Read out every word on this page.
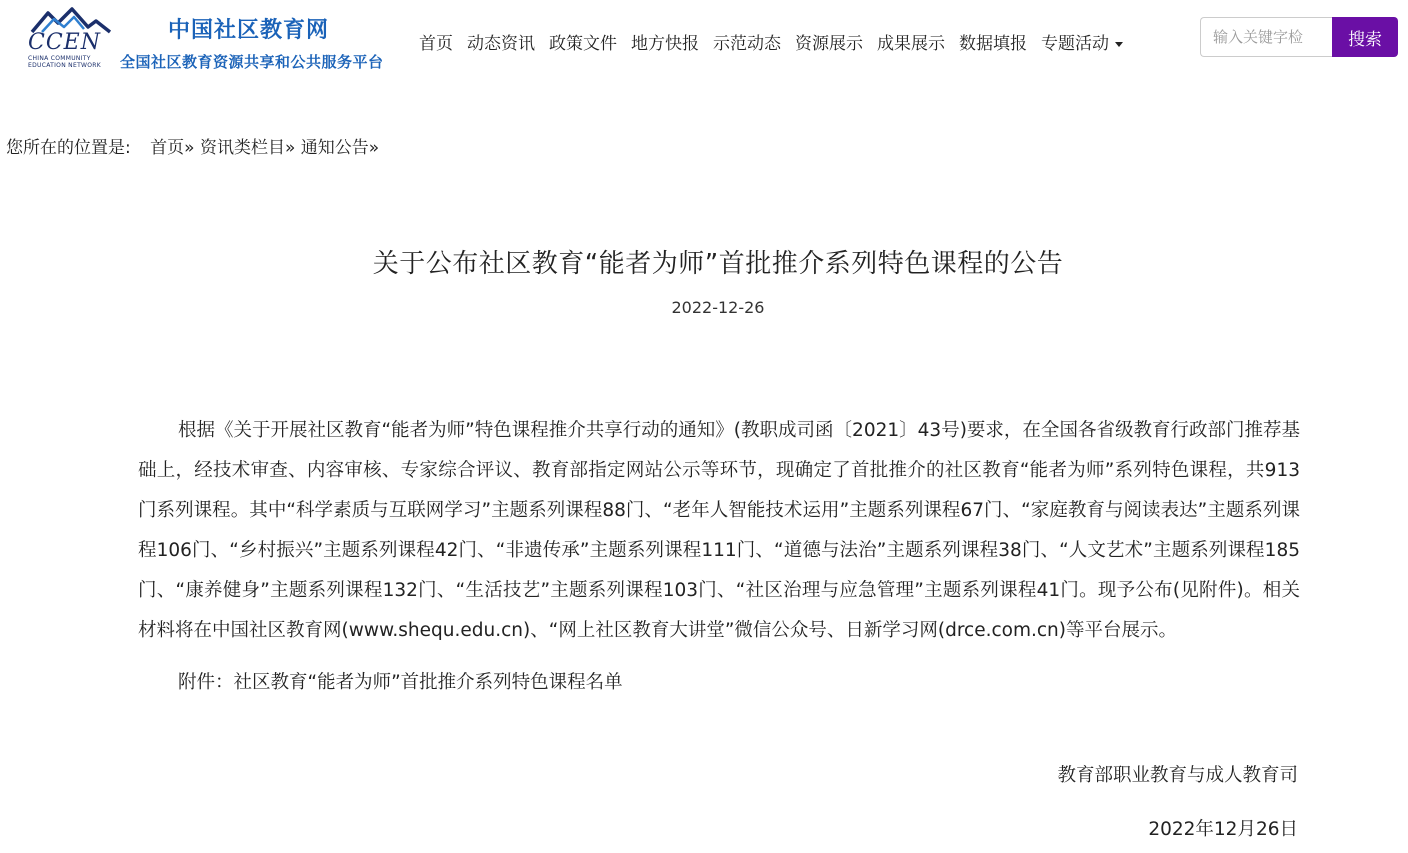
CCEN
CHINA COMMUNITY
EDUCATION NETWORK
中国社区教育网
全国社区教育资源共享和公共服务平台
首页 动态资讯 政策文件 地方快报 示范动态 资源展示 成果展示 数据填报 专题活动
输入关键字检	搜索
您所在的位置是: 首页» 资讯类栏目» 通知公告»
关于公布社区教育“能者为师”首批推介系列特色课程的公告
2022-12-26

根据《关于开展社区教育“能者为师”特色课程推介共享行动的通知》(教职成司函〔2021〕43号)要求，在全国各省级教育行政部门推荐基础上，经技术审查、内容审核、专家综合评议、教育部指定网站公示等环节，现确定了首批推介的社区教育“能者为师”系列特色课程，共913门系列课程。其中“科学素质与互联网学习”主题系列课程88门、“老年人智能技术运用”主题系列课程67门、“家庭教育与阅读表达”主题系列课程106门、“乡村振兴”主题系列课程42门、“非遗传承”主题系列课程111门、“道德与法治”主题系列课程38门、“人文艺术”主题系列课程185门、“康养健身”主题系列课程132门、“生活技艺”主题系列课程103门、“社区治理与应急管理”主题系列课程41门。现予公布(见附件)。相关材料将在中国社区教育网(www.shequ.edu.cn)、“网上社区教育大讲堂”微信公众号、日新学习网(drce.com.cn)等平台展示。

附件：社区教育“能者为师”首批推介系列特色课程名单

教育部职业教育与成人教育司
2022年12月26日
